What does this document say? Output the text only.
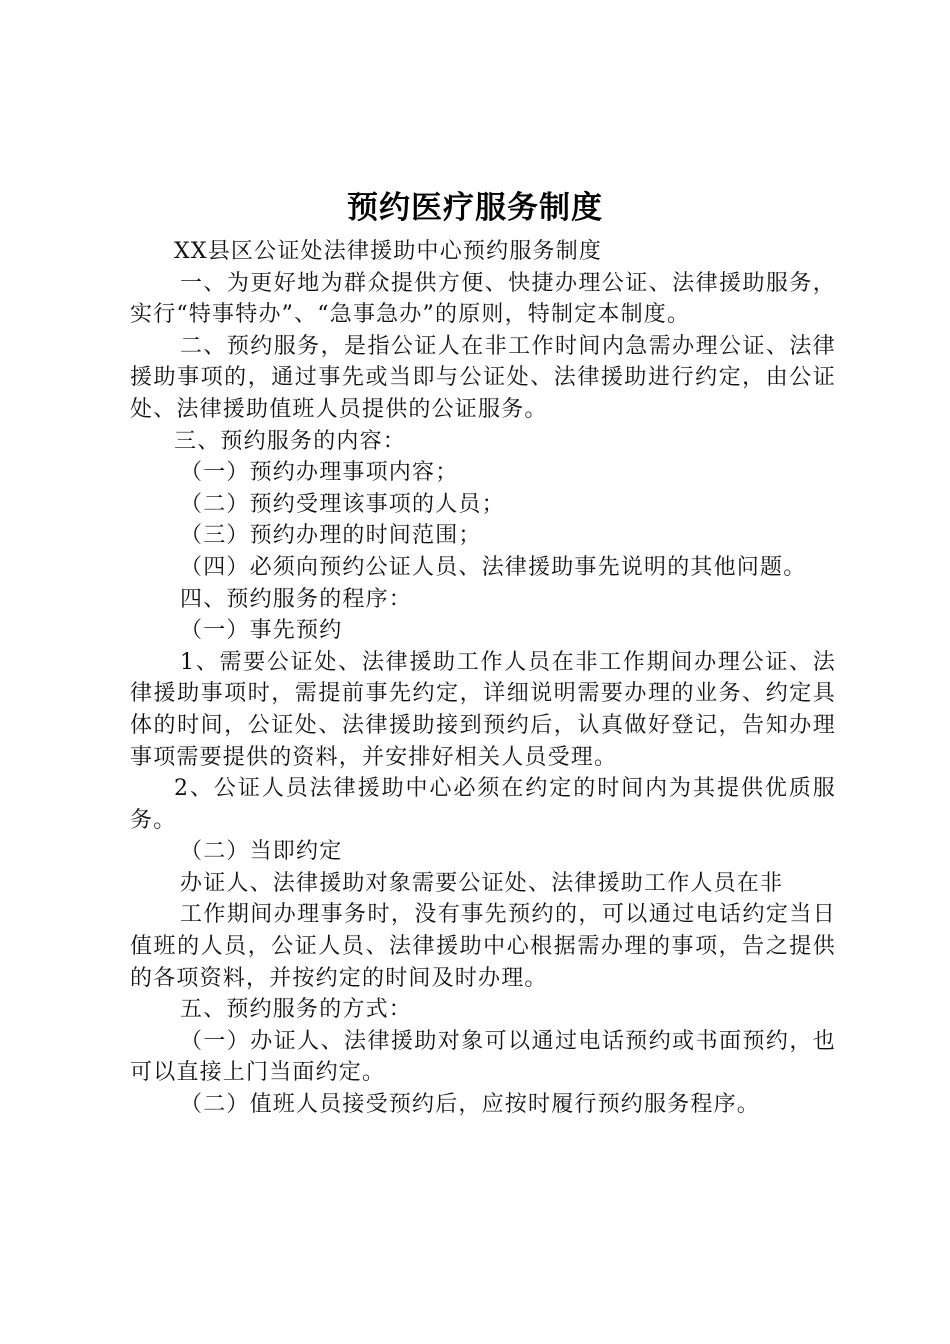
预约医疗服务制度

XX县区公证处法律援助中心预约服务制度

一、为更好地为群众提供方便、快捷办理公证、法律援助服务，实行“特事特办”、“急事急办”的原则，特制定本制度。

二、预约服务，是指公证人在非工作时间内急需办理公证、法律援助事项的，通过事先或当即与公证处、法律援助进行约定，由公证处、法律援助值班人员提供的公证服务。

三、预约服务的内容：

（一）预约办理事项内容；

（二）预约受理该事项的人员；

（三）预约办理的时间范围；

（四）必须向预约公证人员、法律援助事先说明的其他问题。

四、预约服务的程序：

（一）事先预约

1、需要公证处、法律援助工作人员在非工作期间办理公证、法律援助事项时，需提前事先约定，详细说明需要办理的业务、约定具体的时间，公证处、法律援助接到预约后，认真做好登记，告知办理事项需要提供的资料，并安排好相关人员受理。

2、公证人员法律援助中心必须在约定的时间内为其提供优质服务。

（二）当即约定

办证人、法律援助对象需要公证处、法律援助工作人员在非

工作期间办理事务时，没有事先预约的，可以通过电话约定当日值班的人员，公证人员、法律援助中心根据需办理的事项，告之提供的各项资料，并按约定的时间及时办理。

五、预约服务的方式：

（一）办证人、法律援助对象可以通过电话预约或书面预约，也可以直接上门当面约定。

（二）值班人员接受预约后，应按时履行预约服务程序。
